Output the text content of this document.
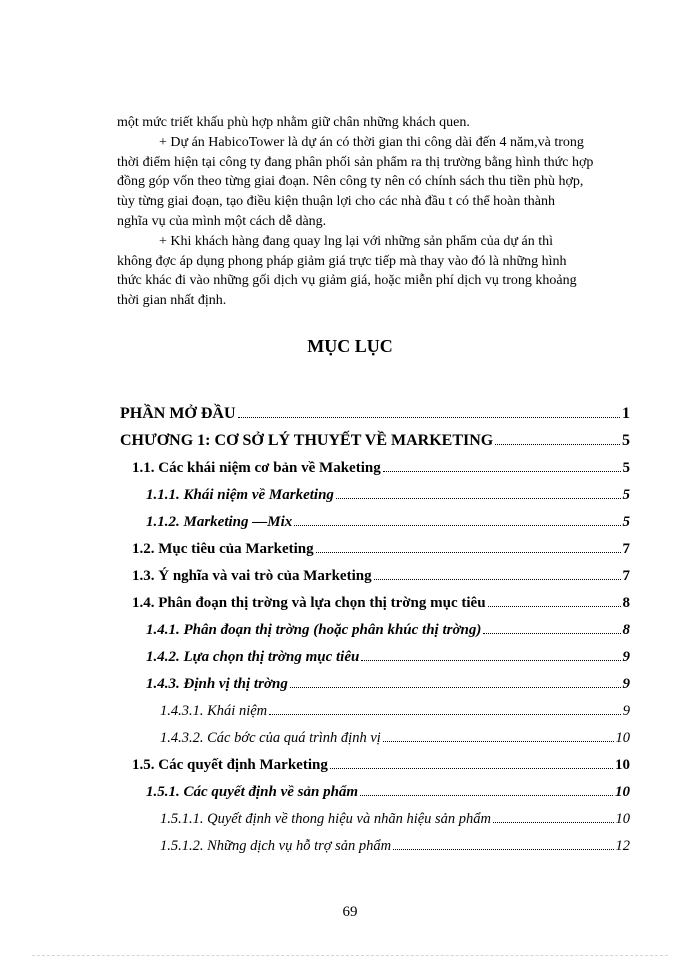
một mức triết khấu phù hợp nhằm giữ chân những khách quen.
+ Dự án HabicoTower là dự án có thời gian thi công dài đến 4 năm,và trong
thời điểm hiện tại công ty đang phân phối sản phẩm ra thị trường bằng hình thức hợp
đồng góp vốn theo từng giai đoạn. Nên công ty nên có chính sách thu tiền phù hợp,
tùy từng giai đoạn, tạo điều kiện thuận lợi cho các nhà đầu t có thể hoàn thành
nghĩa vụ của mình một cách dễ dàng.
+ Khi khách hàng đang quay lng lại với những sản phẩm của dự án thì
không đợc áp dụng phong pháp giảm giá trực tiếp mà thay vào đó là những hình
thức khác đi vào những gối dịch vụ giảm giá, hoặc miễn phí dịch vụ trong khoảng
thời gian nhất định.
MỤC LỤC
PHẦN MỞ ĐẦU	1
CHƯƠNG 1: CƠ SỞ LÝ THUYẾT VỀ MARKETING	5
1.1. Các khái niệm cơ bản về Maketing	5
1.1.1. Khái niệm về Marketing	5
1.1.2. Marketing —Mix	5
1.2. Mục tiêu của Marketing	7
1.3. Ý nghĩa và vai trò của Marketing	7
1.4. Phân đoạn thị trờng và lựa chọn thị trờng mục tiêu	8
1.4.1. Phân đoạn thị trờng (hoặc phân khúc thị trờng)	8
1.4.2. Lựa chọn thị trờng mục tiêu	9
1.4.3. Định vị thị trờng	9
1.4.3.1. Khái niệm	9
1.4.3.2. Các bớc của quá trình định vị	10
1.5. Các quyết định Marketing	10
1.5.1. Các quyết định về sản phẩm	10
1.5.1.1. Quyết định về thong hiệu và nhãn hiệu sản phẩm	10
1.5.1.2. Những dịch vụ hỗ trợ sản phẩm	12
69
